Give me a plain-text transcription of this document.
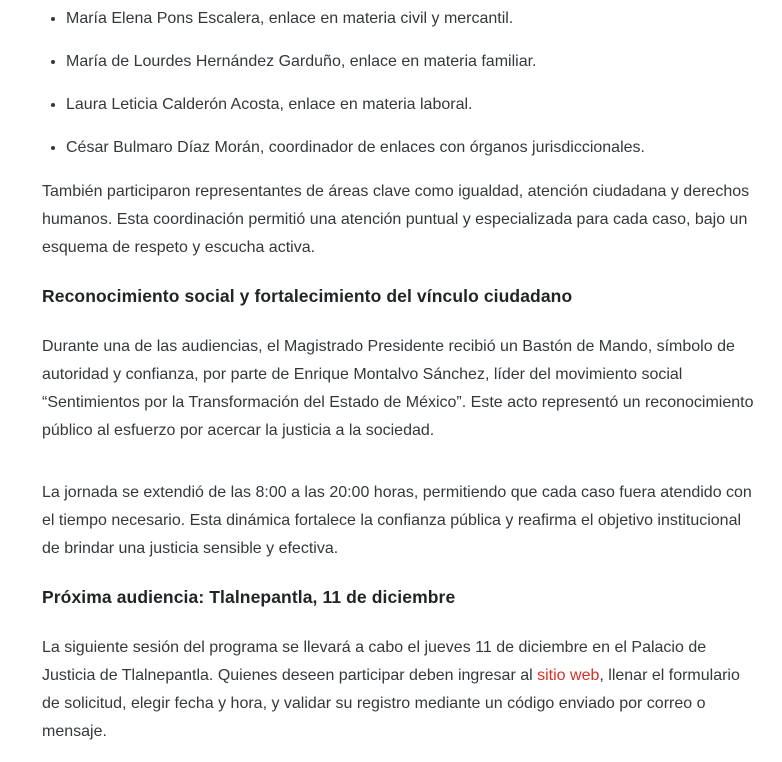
• María Elena Pons Escalera, enlace en materia civil y mercantil.
• María de Lourdes Hernández Garduño, enlace en materia familiar.
• Laura Leticia Calderón Acosta, enlace en materia laboral.
• César Bulmaro Díaz Morán, coordinador de enlaces con órganos jurisdiccionales.

También participaron representantes de áreas clave como igualdad, atención ciudadana y derechos humanos. Esta coordinación permitió una atención puntual y especializada para cada caso, bajo un esquema de respeto y escucha activa.

Reconocimiento social y fortalecimiento del vínculo ciudadano

Durante una de las audiencias, el Magistrado Presidente recibió un Bastón de Mando, símbolo de autoridad y confianza, por parte de Enrique Montalvo Sánchez, líder del movimiento social “Sentimientos por la Transformación del Estado de México”. Este acto representó un reconocimiento público al esfuerzo por acercar la justicia a la sociedad.

La jornada se extendió de las 8:00 a las 20:00 horas, permitiendo que cada caso fuera atendido con el tiempo necesario. Esta dinámica fortalece la confianza pública y reafirma el objetivo institucional de brindar una justicia sensible y efectiva.

Próxima audiencia: Tlalnepantla, 11 de diciembre

La siguiente sesión del programa se llevará a cabo el jueves 11 de diciembre en el Palacio de Justicia de Tlalnepantla. Quienes deseen participar deben ingresar al sitio web, llenar el formulario de solicitud, elegir fecha y hora, y validar su registro mediante un código enviado por correo o mensaje.
